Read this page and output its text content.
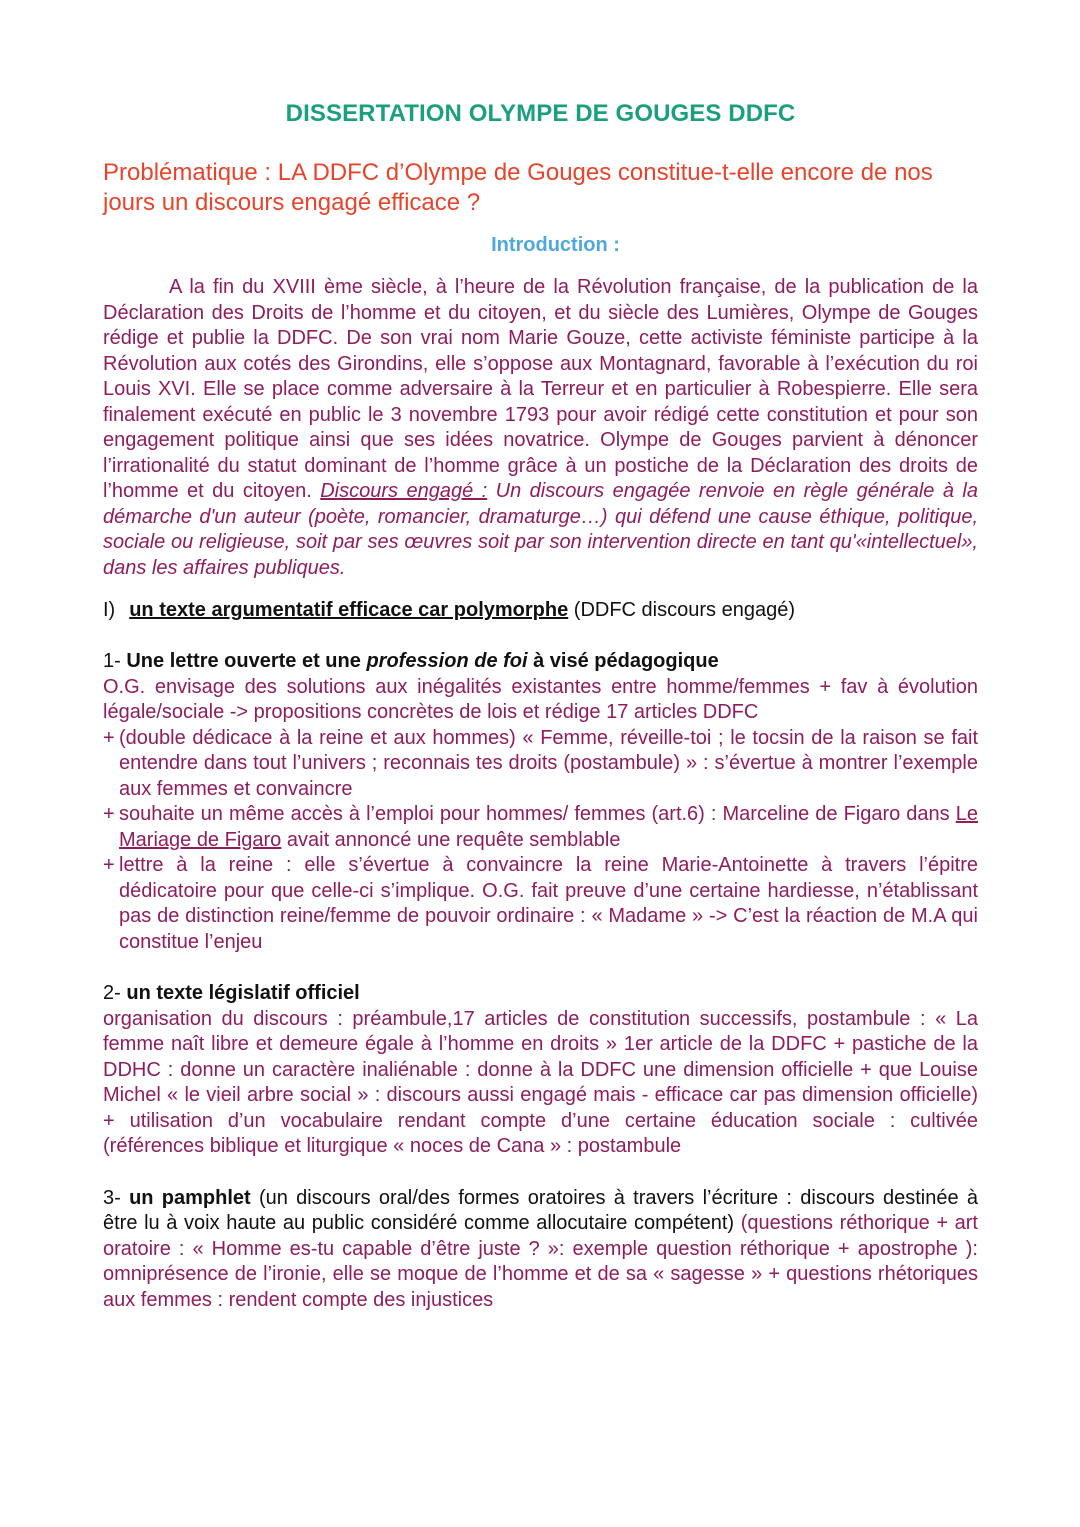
DISSERTATION OLYMPE DE GOUGES DDFC

Problématique : LA DDFC d’Olympe de Gouges constitue-t-elle encore de nos jours un discours engagé efficace ?

Introduction :

A la fin du XVIII ème siècle, à l’heure de la Révolution française, de la publication de la Déclaration des Droits de l’homme et du citoyen, et du siècle des Lumières, Olympe de Gouges rédige et publie la DDFC. De son vrai nom Marie Gouze, cette activiste féministe participe à la Révolution aux cotés des Girondins, elle s’oppose aux Montagnard, favorable à l’exécution du roi Louis XVI. Elle se place comme adversaire à la Terreur et en particulier à Robespierre. Elle sera finalement exécuté en public le 3 novembre 1793 pour avoir rédigé cette constitution et pour son engagement politique ainsi que ses idées novatrice. Olympe de Gouges parvient à dénoncer l’irrationalité du statut dominant de l’homme grâce à un postiche de la Déclaration des droits de l’homme et du citoyen. Discours engagé : Un discours engagée renvoie en règle générale à la démarche d'un auteur (poète, romancier, dramaturge…) qui défend une cause éthique, politique, sociale ou religieuse, soit par ses œuvres soit par son intervention directe en tant qu'«intellectuel», dans les affaires publiques.

I) un texte argumentatif efficace car polymorphe (DDFC discours engagé)

1- Une lettre ouverte et une profession de foi à visé pédagogique

O.G. envisage des solutions aux inégalités existantes entre homme/femmes + fav à évolution légale/sociale -> propositions concrètes de lois et rédige 17 articles DDFC
+ (double dédicace à la reine et aux hommes) « Femme, réveille-toi ; le tocsin de la raison se fait entendre dans tout l’univers ; reconnais tes droits (postambule) » : s’évertue à montrer l’exemple aux femmes et convaincre
+ souhaite un même accès à l’emploi pour hommes/ femmes (art.6) : Marceline de Figaro dans Le Mariage de Figaro avait annoncé une requête semblable
+ lettre à la reine : elle s’évertue à convaincre la reine Marie-Antoinette à travers l’épitre dédicatoire pour que celle-ci s’implique. O.G. fait preuve d’une certaine hardiesse, n’établissant pas de distinction reine/femme de pouvoir ordinaire : « Madame » -> C’est la réaction de M.A qui constitue l’enjeu

2- un texte législatif officiel

organisation du discours : préambule,17 articles de constitution successifs, postambule : « La femme naît libre et demeure égale à l’homme en droits » 1er article de la DDFC + pastiche de la DDHC : donne un caractère inaliénable : donne à la DDFC une dimension officielle + que Louise Michel « le vieil arbre social » : discours aussi engagé mais - efficace car pas dimension officielle) + utilisation d’un vocabulaire rendant compte d’une certaine éducation sociale : cultivée (références biblique et liturgique « noces de Cana » : postambule

3- un pamphlet (un discours oral/des formes oratoires à travers l’écriture : discours destinée à être lu à voix haute au public considéré comme allocutaire compétent) (questions réthorique + art oratoire : « Homme es-tu capable d’être juste ? »: exemple question réthorique + apostrophe ): omniprésence de l’ironie, elle se moque de l’homme et de sa « sagesse » + questions rhétoriques aux femmes : rendent compte des injustices
